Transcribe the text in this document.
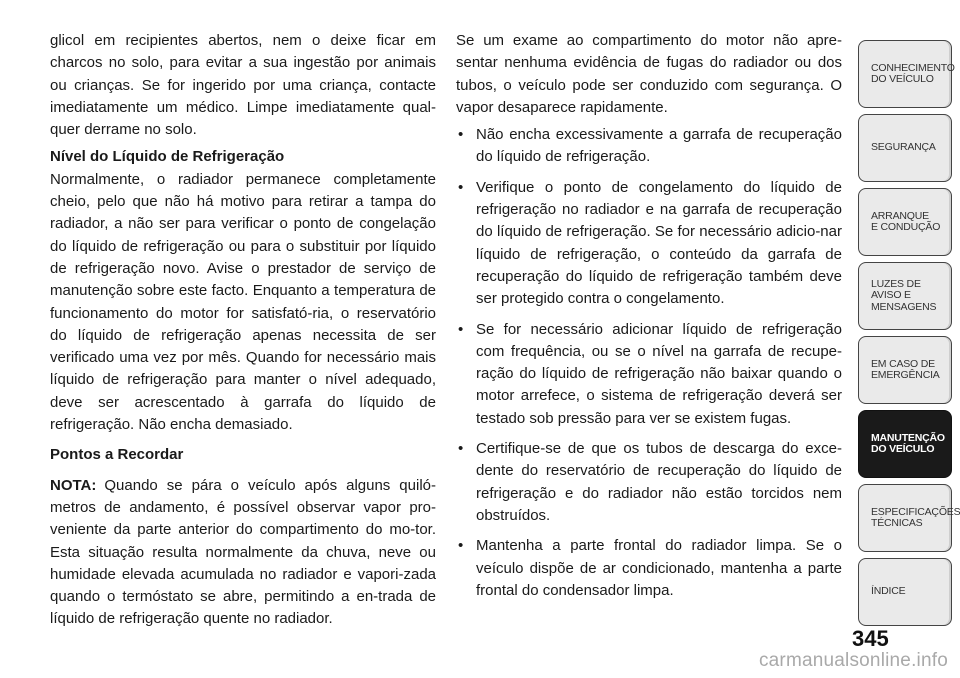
glicol em recipientes abertos, nem o deixe ficar em charcos no solo, para evitar a sua ingestão por animais ou crianças. Se for ingerido por uma criança, contacte imediatamente um médico. Limpe imediatamente qual-quer derrame no solo.

Nível do Líquido de Refrigeração

Normalmente, o radiador permanece completamente cheio, pelo que não há motivo para retirar a tampa do radiador, a não ser para verificar o ponto de congelação do líquido de refrigeração ou para o substituir por líquido de refrigeração novo. Avise o prestador de serviço de manutenção sobre este facto. Enquanto a temperatura de funcionamento do motor for satisfató-ria, o reservatório do líquido de refrigeração apenas necessita de ser verificado uma vez por mês. Quando for necessário mais líquido de refrigeração para manter o nível adequado, deve ser acrescentado à garrafa do líquido de refrigeração. Não encha demasiado.

Pontos a Recordar

NOTA: Quando se pára o veículo após alguns quiló-metros de andamento, é possível observar vapor pro-veniente da parte anterior do compartimento do mo-tor. Esta situação resulta normalmente da chuva, neve ou humidade elevada acumulada no radiador e vapori-zada quando o termóstato se abre, permitindo a en-trada de líquido de refrigeração quente no radiador.

Se um exame ao compartimento do motor não apre-sentar nenhuma evidência de fugas do radiador ou dos tubos, o veículo pode ser conduzido com segurança. O vapor desaparece rapidamente.

• Não encha excessivamente a garrafa de recuperação do líquido de refrigeração.
• Verifique o ponto de congelamento do líquido de refrigeração no radiador e na garrafa de recuperação do líquido de refrigeração. Se for necessário adicio-nar líquido de refrigeração, o conteúdo da garrafa de recuperação do líquido de refrigeração também deve ser protegido contra o congelamento.
• Se for necessário adicionar líquido de refrigeração com frequência, ou se o nível na garrafa de recupe-ração do líquido de refrigeração não baixar quando o motor arrefece, o sistema de refrigeração deverá ser testado sob pressão para ver se existem fugas.
• Certifique-se de que os tubos de descarga do exce-dente do reservatório de recuperação do líquido de refrigeração e do radiador não estão torcidos nem obstruídos.
• Mantenha a parte frontal do radiador limpa. Se o veículo dispõe de ar condicionado, mantenha a parte frontal do condensador limpa.
CONHECIMENTO
DO VEÍCULO
SEGURANÇA
ARRANQUE
E CONDUÇÃO
LUZES DE
AVISO E
MENSAGENS
EM CASO DE
EMERGÊNCIA
MANUTENÇÃO
DO VEÍCULO
ESPECIFICAÇÕES
TÉCNICAS
ÍNDICE
345
carmanualsonline.info
